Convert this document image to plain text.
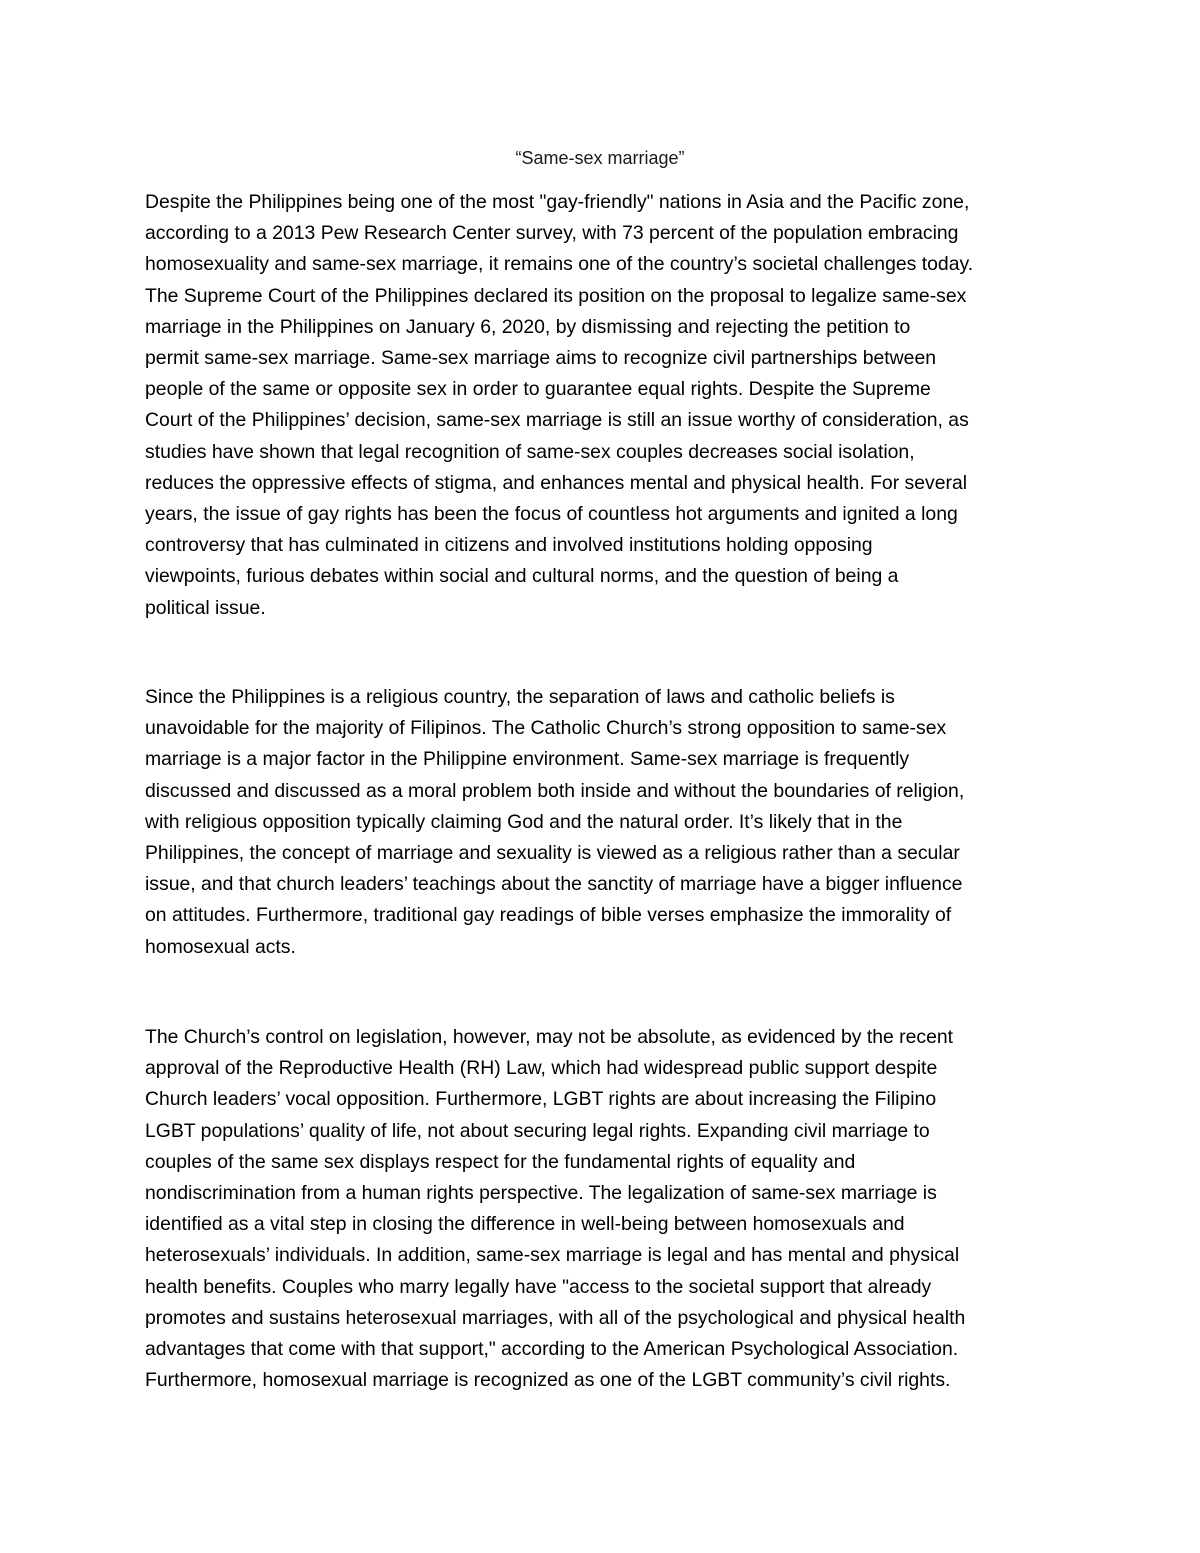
“Same-sex marriage”

Despite the Philippines being one of the most "gay-friendly" nations in Asia and the Pacific zone,
according to a 2013 Pew Research Center survey, with 73 percent of the population embracing
homosexuality and same-sex marriage, it remains one of the country’s societal challenges today.
The Supreme Court of the Philippines declared its position on the proposal to legalize same-sex
marriage in the Philippines on January 6, 2020, by dismissing and rejecting the petition to
permit same-sex marriage. Same-sex marriage aims to recognize civil partnerships between
people of the same or opposite sex in order to guarantee equal rights. Despite the Supreme
Court of the Philippines’ decision, same-sex marriage is still an issue worthy of consideration, as
studies have shown that legal recognition of same-sex couples decreases social isolation,
reduces the oppressive effects of stigma, and enhances mental and physical health. For several
years, the issue of gay rights has been the focus of countless hot arguments and ignited a long
controversy that has culminated in citizens and involved institutions holding opposing
viewpoints, furious debates within social and cultural norms, and the question of being a
political issue.

Since the Philippines is a religious country, the separation of laws and catholic beliefs is
unavoidable for the majority of Filipinos. The Catholic Church’s strong opposition to same-sex
marriage is a major factor in the Philippine environment. Same-sex marriage is frequently
discussed and discussed as a moral problem both inside and without the boundaries of religion,
with religious opposition typically claiming God and the natural order. It’s likely that in the
Philippines, the concept of marriage and sexuality is viewed as a religious rather than a secular
issue, and that church leaders’ teachings about the sanctity of marriage have a bigger influence
on attitudes. Furthermore, traditional gay readings of bible verses emphasize the immorality of
homosexual acts.

The Church’s control on legislation, however, may not be absolute, as evidenced by the recent
approval of the Reproductive Health (RH) Law, which had widespread public support despite
Church leaders’ vocal opposition. Furthermore, LGBT rights are about increasing the Filipino
LGBT populations’ quality of life, not about securing legal rights. Expanding civil marriage to
couples of the same sex displays respect for the fundamental rights of equality and
nondiscrimination from a human rights perspective. The legalization of same-sex marriage is
identified as a vital step in closing the difference in well-being between homosexuals and
heterosexuals’ individuals. In addition, same-sex marriage is legal and has mental and physical
health benefits. Couples who marry legally have "access to the societal support that already
promotes and sustains heterosexual marriages, with all of the psychological and physical health
advantages that come with that support," according to the American Psychological Association.
Furthermore, homosexual marriage is recognized as one of the LGBT community’s civil rights.
